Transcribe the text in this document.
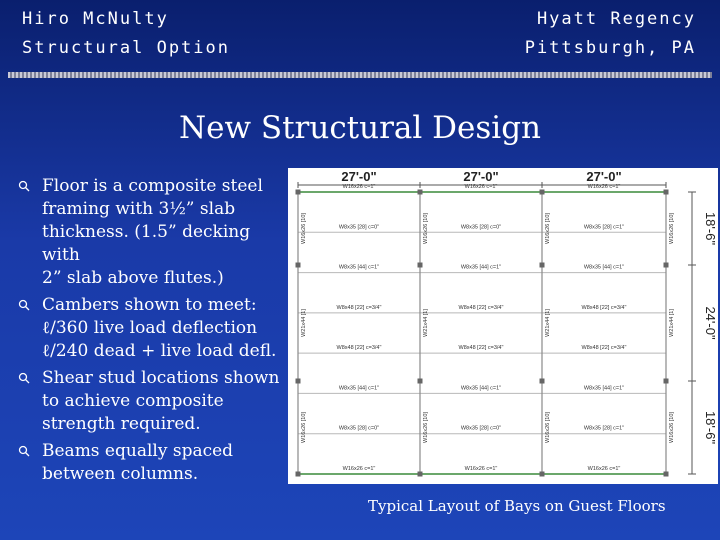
Hiro McNulty
Structural Option
Hyatt Regency
Pittsburgh, PA
New Structural Design
Floor is a composite steel
framing with 3½” slab
thickness. (1.5” decking with
2” slab above flutes.)
Cambers shown to meet:
ℓ/360 live load deflection
ℓ/240 dead + live load defl.
Shear stud locations shown
to achieve composite
strength required.
Beams equally spaced
between columns.
27'-0"	27'-0"	27'-0"
18'-6"
24'-0"
18'-6"
W16x26 c=1"	W16x26 c=1"	W16x26 c=1"
W8x35 [28] c=0"	W8x35 [28] c=0"	W8x35 [28] c=1"
W8x35 [44] c=1"	W8x35 [44] c=1"	W8x35 [44] c=1"
W8x48 [22] c=3/4"	W8x48 [22] c=3/4"	W8x48 [22] c=3/4"
W8x48 [22] c=3/4"	W8x48 [22] c=3/4"	W8x48 [22] c=3/4"
W8x35 [44] c=1"	W8x35 [44] c=1"	W8x35 [44] c=1"
W8x35 [28] c=0"	W8x35 [28] c=0"	W8x35 [28] c=1"
W16x26 c=1"	W16x26 c=1"	W16x26 c=1"
W16x26 [10]
W21x44 [1]
W16x26 [10]
W16x26 [10]
W21x44 [1]
W16x26 [10]
W16x26 [10]
W21x44 [1]
W16x26 [10]
W16x26 [10]
W21x44 [1]
W16x26 [10]
Typical Layout of Bays on Guest Floors
